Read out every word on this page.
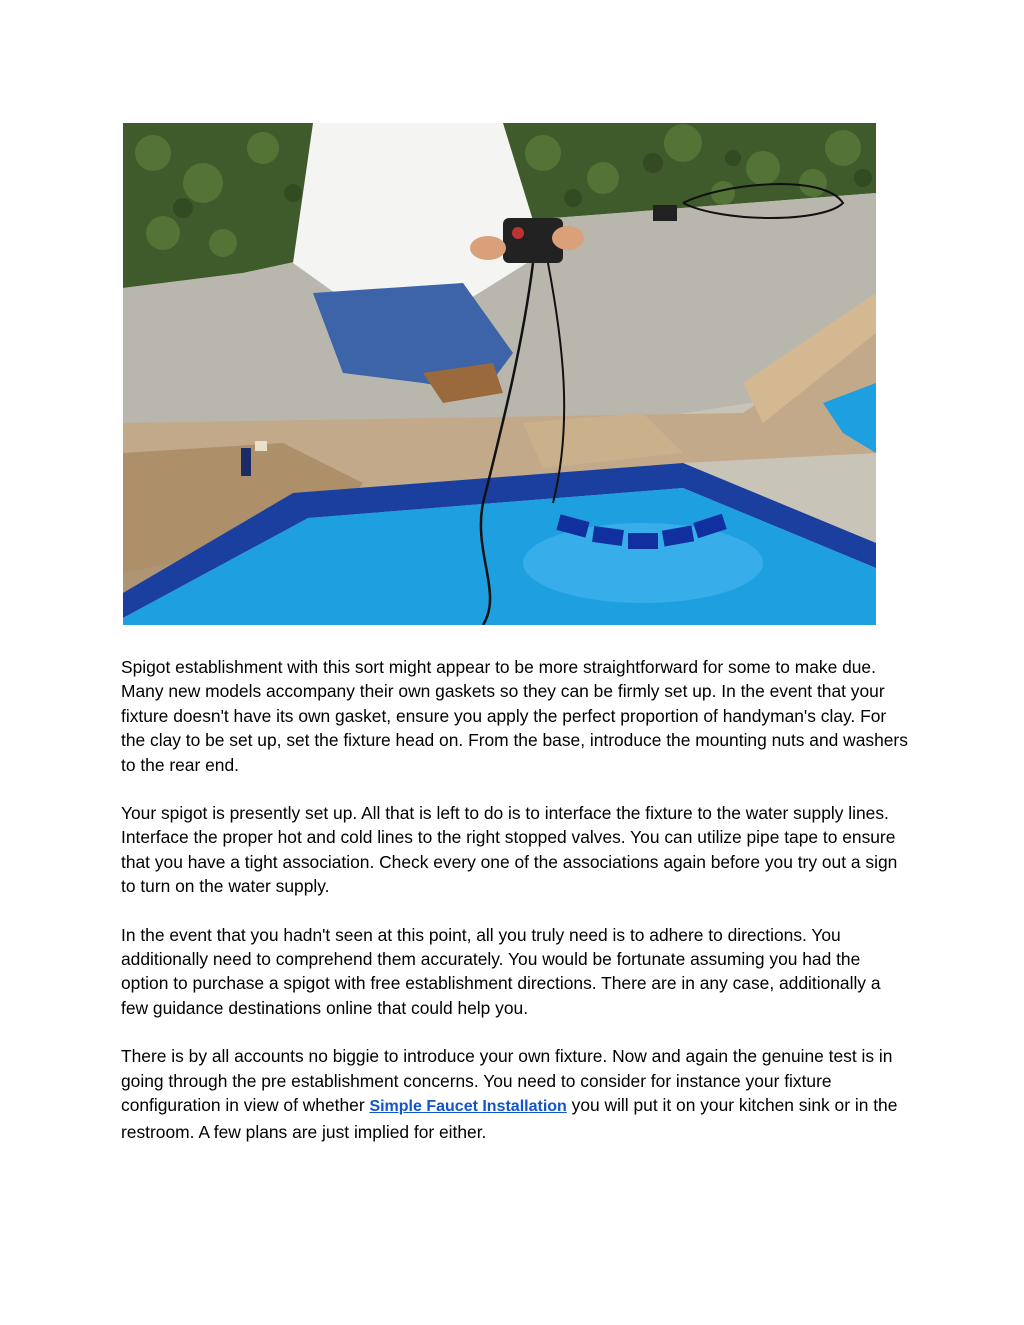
Spigot establishment with this sort might appear to be more straightforward for some to make due. Many new models accompany their own gaskets so they can be firmly set up. In the event that your fixture doesn't have its own gasket, ensure you apply the perfect proportion of handyman's clay. For the clay to be set up, set the fixture head on. From the base, introduce the mounting nuts and washers to the rear end.

Your spigot is presently set up. All that is left to do is to interface the fixture to the water supply lines. Interface the proper hot and cold lines to the right stopped valves. You can utilize pipe tape to ensure that you have a tight association. Check every one of the associations again before you try out a sign to turn on the water supply.

In the event that you hadn't seen at this point, all you truly need is to adhere to directions. You additionally need to comprehend them accurately. You would be fortunate assuming you had the option to purchase a spigot with free establishment directions. There are in any case, additionally a few guidance destinations online that could help you.

There is by all accounts no biggie to introduce your own fixture. Now and again the genuine test is in going through the pre establishment concerns. You need to consider for instance your fixture configuration in view of whether Simple Faucet Installation you will put it on your kitchen sink or in the restroom. A few plans are just implied for either.
